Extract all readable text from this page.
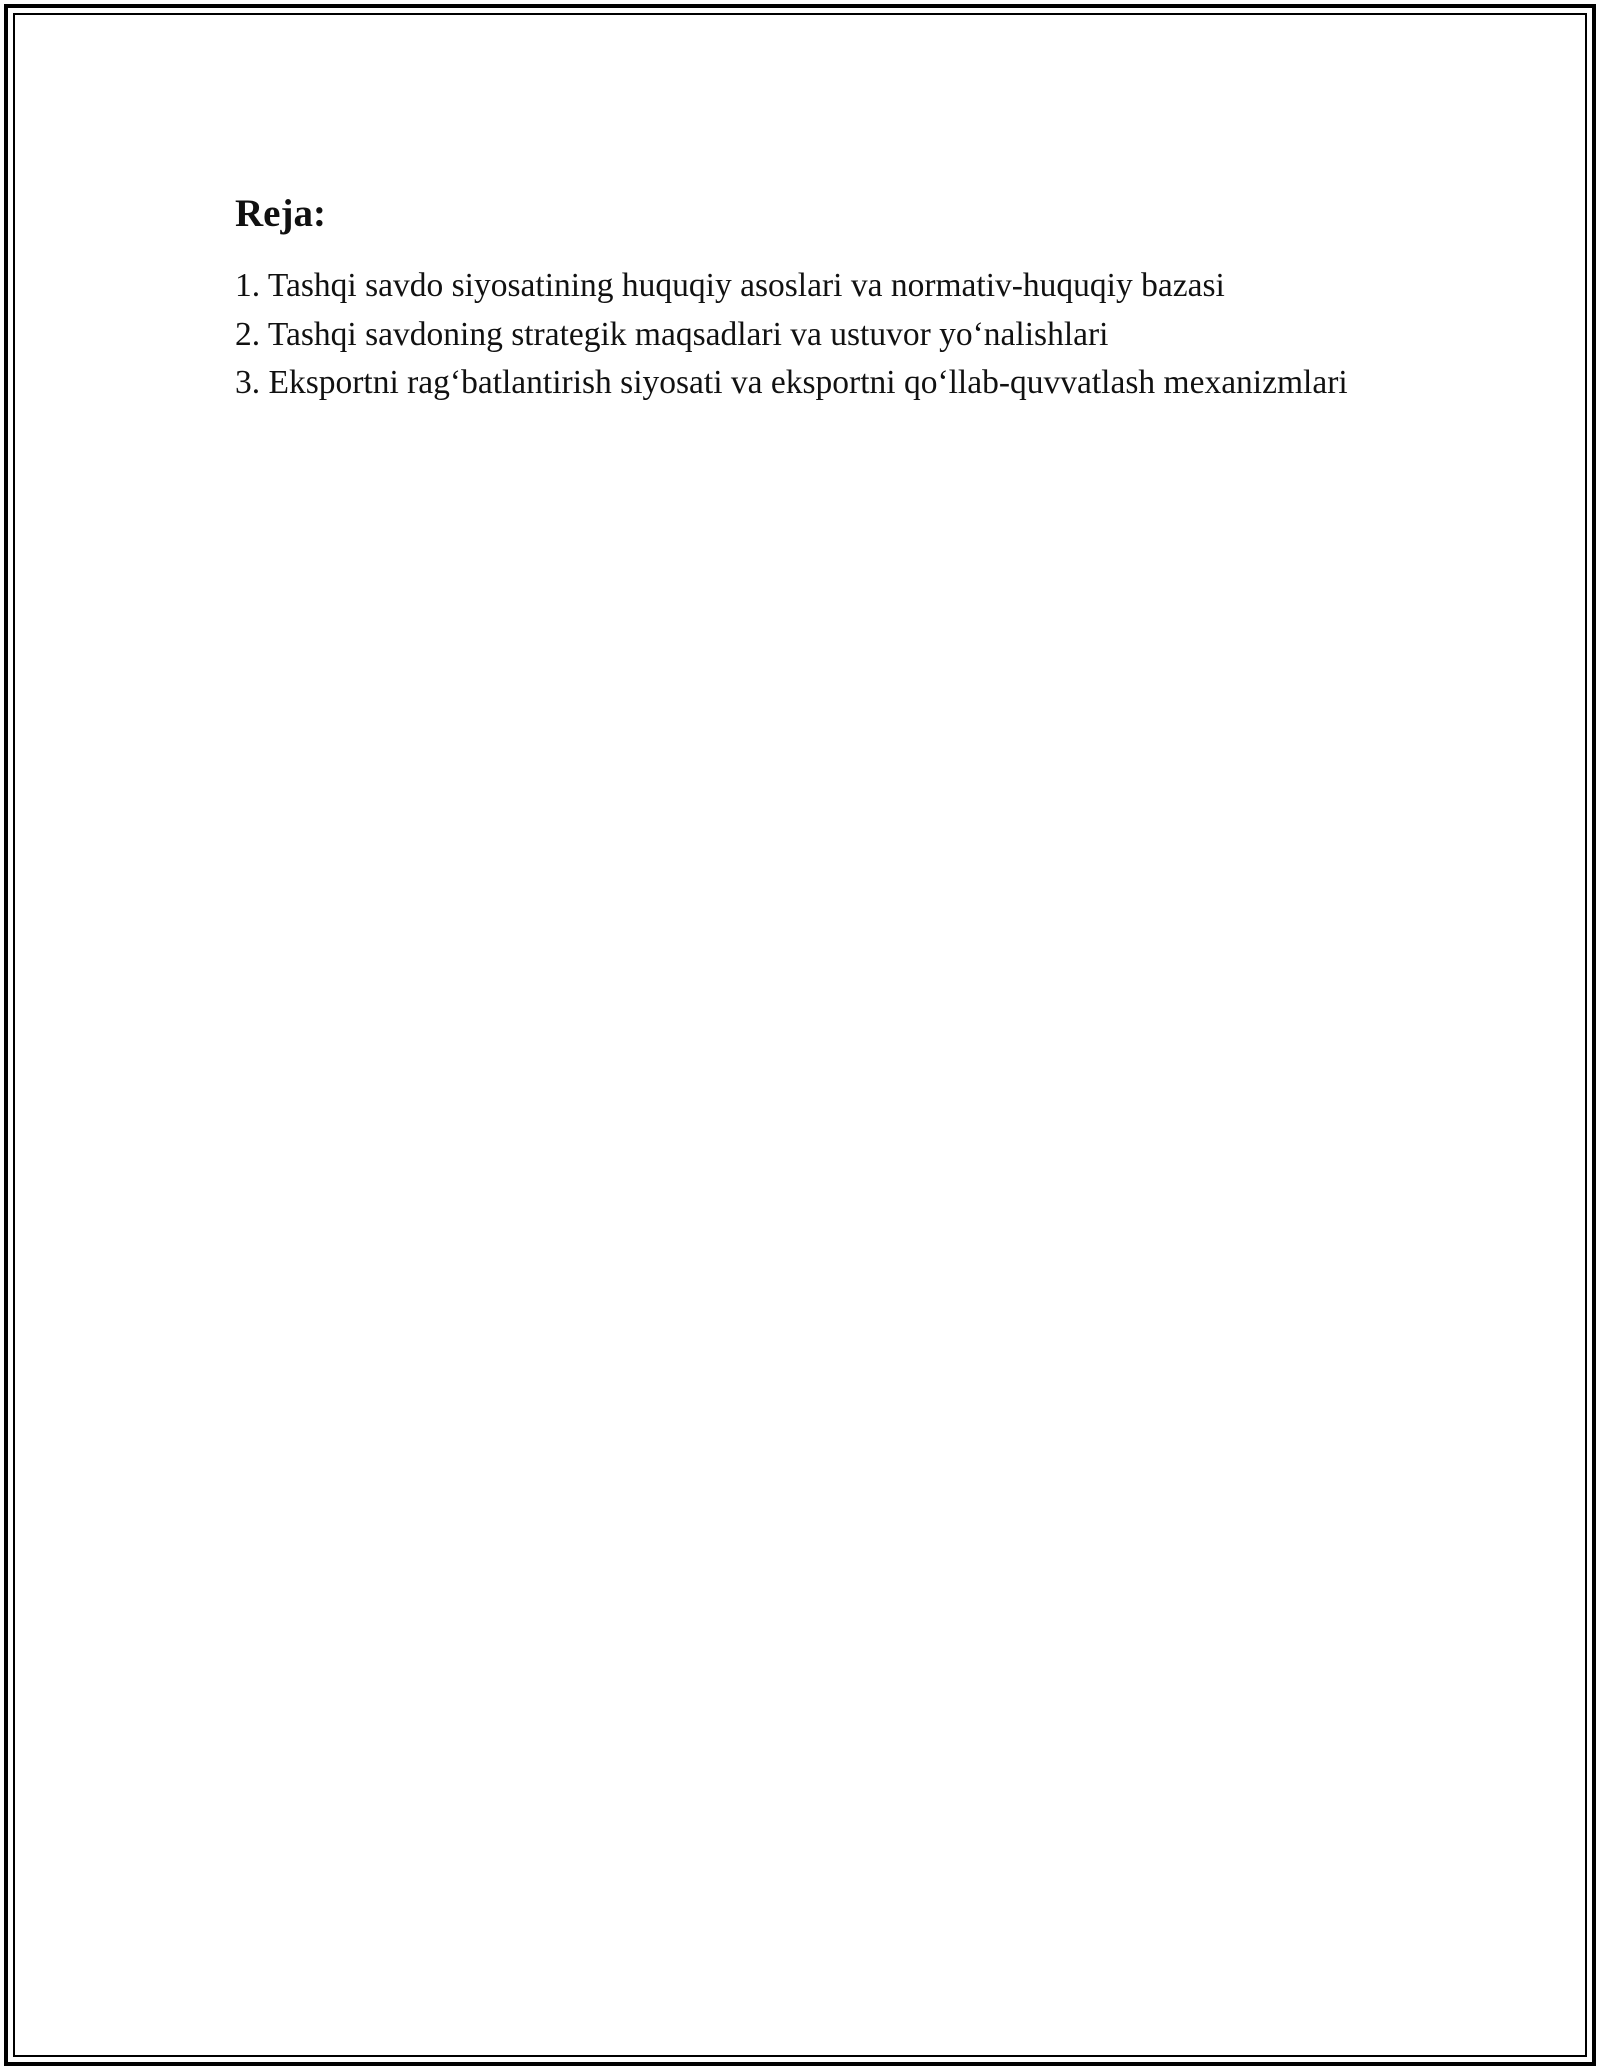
Reja:
1. Tashqi savdo siyosatining huquqiy asoslari va normativ-huquqiy bazasi
2. Tashqi savdoning strategik maqsadlari va ustuvor yo‘nalishlari
3. Eksportni rag‘batlantirish siyosati va eksportni qo‘llab-quvvatlash mexanizmlari
